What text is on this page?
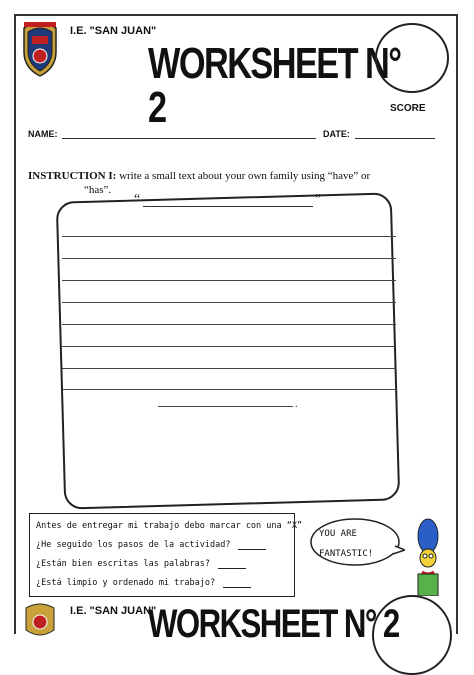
I.E. "SAN JUAN"
WORKSHEET N° 2	SCORE
NAME:	DATE:
INSTRUCTION I: write a small text about your own family using “have” or
“has”.
“	”
.
Antes de entregar mi trabajo debo marcar con una “X”
¿He seguido los pasos de la actividad?
¿Están bien escritas las palabras?
¿Está limpio y ordenado mi trabajo?
YOU ARE
FANTASTIC!
I.E. "SAN JUAN"
WORKSHEET N° 2
